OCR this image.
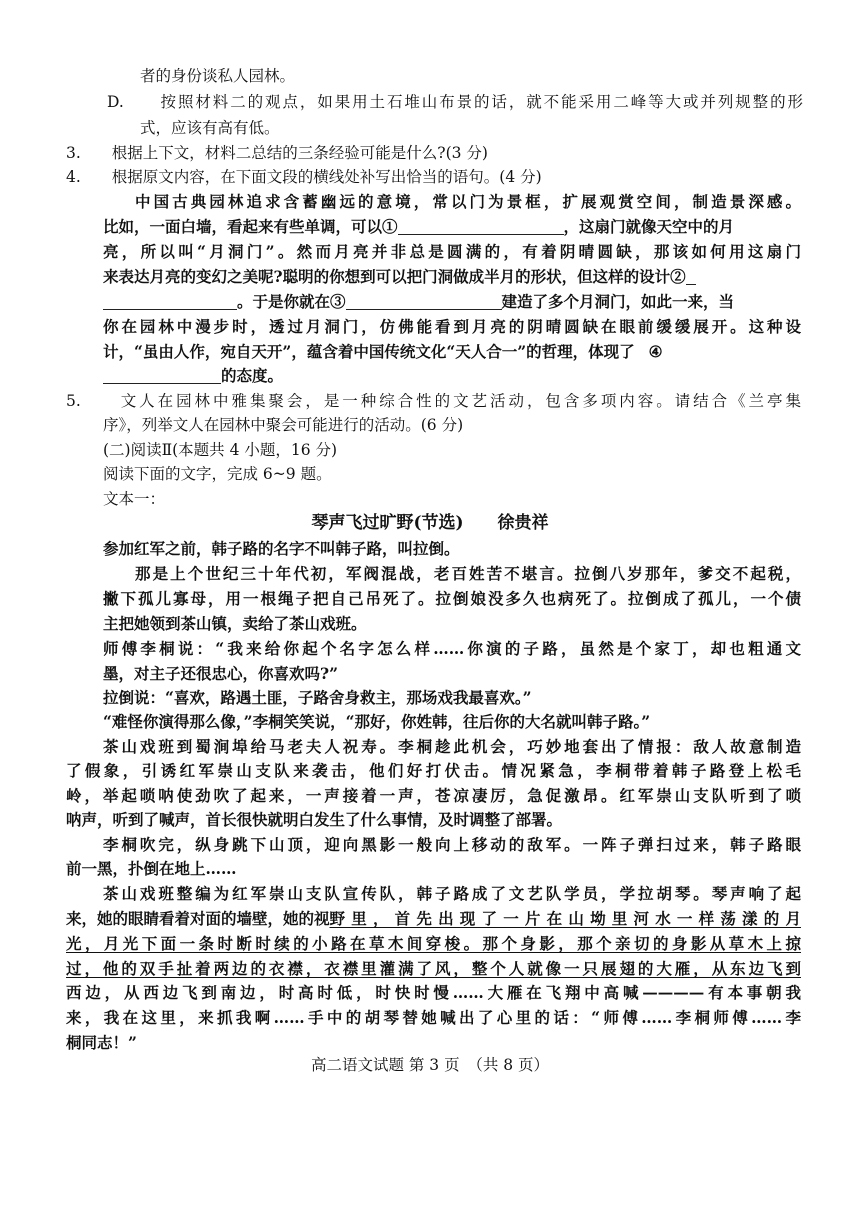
者的身份谈私人园林。
D.　　按照材料二的观点，如果用土石堆山布景的话，就不能采用二峰等大或并列规整的形
式，应该有高有低。
3.　　根据上下文，材料二总结的三条经验可能是什么?(3 分)
4.　　根据原文内容，在下面文段的横线处补写出恰当的语句。(4 分)
中国古典园林追求含蓄幽远的意境，常以门为景框，扩展观赏空间，制造景深感。
比如，一面白墙，看起来有些单调，可以①	，这扇门就像天空中的月
亮，所以叫“月洞门”。然而月亮并非总是圆满的，有着阴晴圆缺，那该如何用这扇门
来表达月亮的变幻之美呢?聪明的你想到可以把门洞做成半月的形状，但这样的设计②
。于是你就在③	建造了多个月洞门，如此一来，当
你在园林中漫步时，透过月洞门，仿佛能看到月亮的阴晴圆缺在眼前缓缓展开。这种设
计，“虽由人作，宛自天开”，蕴含着中国传统文化“天人合一”的哲理，体现了 ④
的态度。
5.　　文人在园林中雅集聚会，是一种综合性的文艺活动，包含多项内容。请结合《兰亭集
序》，列举文人在园林中聚会可能进行的活动。(6 分)
(二)阅读Ⅱ(本题共 4 小题，16 分)
阅读下面的文字，完成 6~9 题。
文本一：
琴声飞过旷野(节选)　　徐贵祥
参加红军之前，韩子路的名字不叫韩子路，叫拉倒。
那是上个世纪三十年代初，军阀混战，老百姓苦不堪言。拉倒八岁那年，爹交不起税，
撇下孤儿寡母，用一根绳子把自己吊死了。拉倒娘没多久也病死了。拉倒成了孤儿，一个债
主把她领到茶山镇，卖给了茶山戏班。
师傅李桐说：“我来给你起个名字怎么样……你演的子路，虽然是个家丁，却也粗通文
墨，对主子还很忠心，你喜欢吗?”
拉倒说：“喜欢，路遇土匪，子路舍身救主，那场戏我最喜欢。”
“难怪你演得那么像，”李桐笑笑说，“那好，你姓韩，往后你的大名就叫韩子路。”
茶山戏班到蜀涧埠给马老夫人祝寿。李桐趁此机会，巧妙地套出了情报：敌人故意制造
了假象，引诱红军崇山支队来袭击，他们好打伏击。情况紧急，李桐带着韩子路登上松毛
岭，举起唢呐使劲吹了起来，一声接着一声，苍凉凄厉，急促激昂。红军崇山支队听到了唢
呐声，听到了喊声，首长很快就明白发生了什么事情，及时调整了部署。
李桐吹完，纵身跳下山顶，迎向黑影一般向上移动的敌军。一阵子弹扫过来，韩子路眼
前一黑，扑倒在地上……
茶山戏班整编为红军崇山支队宣传队，韩子路成了文艺队学员，学拉胡琴。琴声响了起
来，她的眼睛看着对面的墙壁，她的视 野里，首先出现了一片在山坳里河水一样荡漾的月
光，月光下面一条时断时续的小路在草木间穿梭。那个身影，那个亲切的身影从草木上掠
过，他的双手扯着两边的衣襟，衣襟里灌满了风，整个人就像一只展翅的大雁，从东边飞到
西边，从西边飞到南边，时高时低，时快时慢……大雁在飞翔中高喊————有本事朝我
来，我在这里，来抓我啊……手中的胡琴替她喊出了心里的话：“师傅……李桐师傅……李
桐同志！”
高二语文试题 第 3 页　（共 8 页）
